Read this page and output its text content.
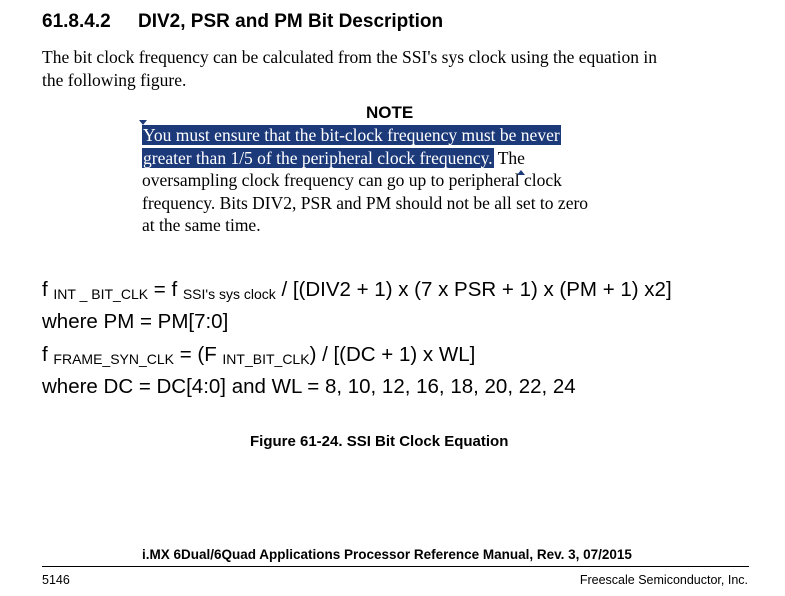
61.8.4.2 DIV2, PSR and PM Bit Description
The bit clock frequency can be calculated from the SSI's sys clock using the equation in
the following figure.
NOTE
You must ensure that the bit-clock frequency must be never
greater than 1/5 of the peripheral clock frequency. The
oversampling clock frequency can go up to peripheral clock
frequency. Bits DIV2, PSR and PM should not be all set to zero
at the same time.
f INT _ BIT_CLK = f SSI's sys clock / [(DIV2 + 1) x (7 x PSR + 1) x (PM + 1) x2]
where PM = PM[7:0]
f FRAME_SYN_CLK = (F INT_BIT_CLK) / [(DC + 1) x WL]
where DC = DC[4:0] and WL = 8, 10, 12, 16, 18, 20, 22, 24
Figure 61-24. SSI Bit Clock Equation
i.MX 6Dual/6Quad Applications Processor Reference Manual, Rev. 3, 07/2015
5146	Freescale Semiconductor, Inc.
